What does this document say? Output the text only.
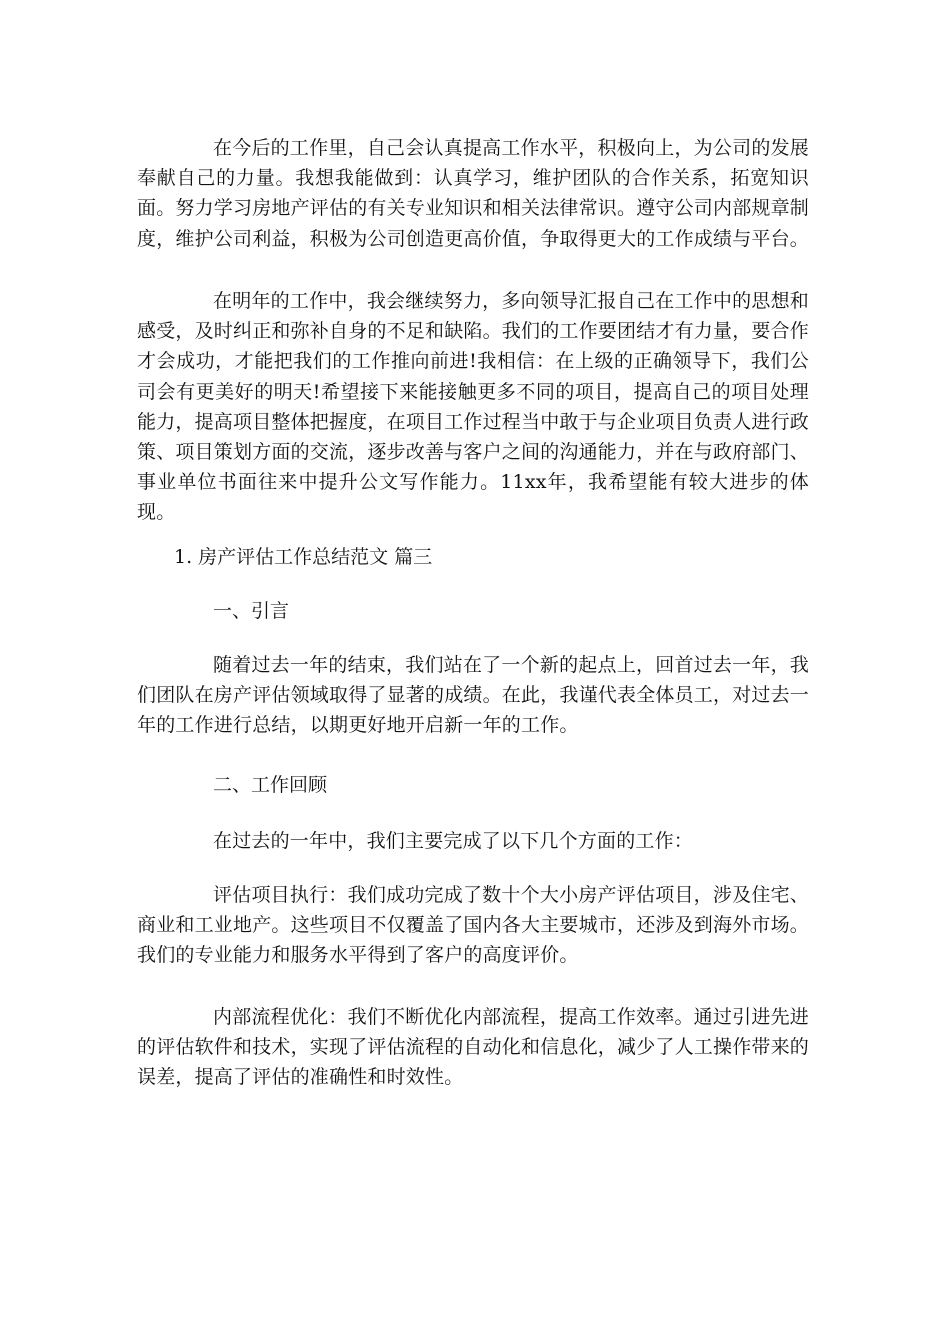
在今后的工作里，自己会认真提高工作水平，积极向上，为公司的发展奉献自己的力量。我想我能做到：认真学习，维护团队的合作关系，拓宽知识面。努力学习房地产评估的有关专业知识和相关法律常识。遵守公司内部规章制度，维护公司利益，积极为公司创造更高价值，争取得更大的工作成绩与平台。

在明年的工作中，我会继续努力，多向领导汇报自己在工作中的思想和感受，及时纠正和弥补自身的不足和缺陷。我们的工作要团结才有力量，要合作才会成功，才能把我们的工作推向前进!我相信：在上级的正确领导下，我们公司会有更美好的明天!希望接下来能接触更多不同的项目，提高自己的项目处理能力，提高项目整体把握度，在项目工作过程当中敢于与企业项目负责人进行政策、项目策划方面的交流，逐步改善与客户之间的沟通能力，并在与政府部门、事业单位书面往来中提升公文写作能力。11xx年，我希望能有较大进步的体现。

1. 房产评估工作总结范文 篇三
一、引言

随着过去一年的结束，我们站在了一个新的起点上，回首过去一年，我们团队在房产评估领域取得了显著的成绩。在此，我谨代表全体员工，对过去一年的工作进行总结，以期更好地开启新一年的工作。

二、工作回顾

在过去的一年中，我们主要完成了以下几个方面的工作：

评估项目执行：我们成功完成了数十个大小房产评估项目，涉及住宅、商业和工业地产。这些项目不仅覆盖了国内各大主要城市，还涉及到海外市场。我们的专业能力和服务水平得到了客户的高度评价。

内部流程优化：我们不断优化内部流程，提高工作效率。通过引进先进的评估软件和技术，实现了评估流程的自动化和信息化，减少了人工操作带来的误差，提高了评估的准确性和时效性。
